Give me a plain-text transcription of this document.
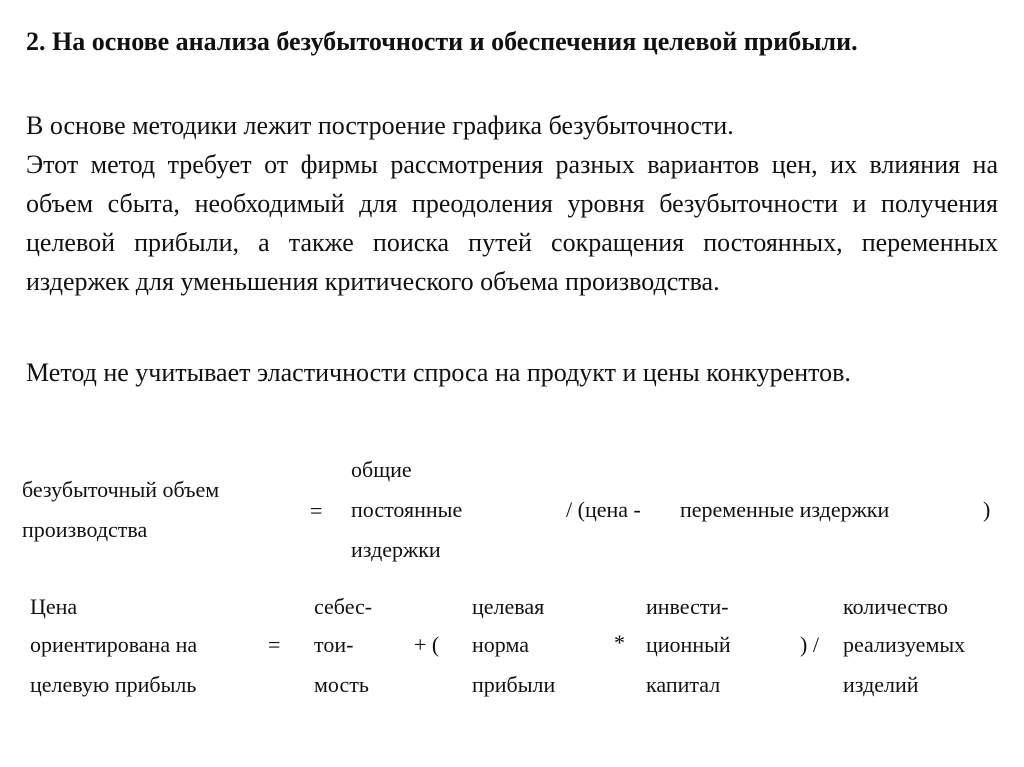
2. На основе анализа безубыточности и обеспечения целевой прибыли.

В основе методики лежит построение графика безубыточности.

Этот метод требует от фирмы рассмотрения разных вариантов цен, их влияния на объем сбыта, необходимый для преодоления уровня безубыточности и получения целевой прибыли, а также поиска путей сокращения постоянных, переменных издержек для уменьшения критического объема производства.

Метод не учитывает эластичности спроса на продукт и цены конкурентов.

безубыточный объем
производства
=
общие
постоянные
издержки
/ (цена - переменные издержки	)
Цена
ориентирована на
целевую прибыль
=
себес-
тои-
мость
+ (
целевая
норма
прибыли
*
инвести-
ционный
капитал
) /
количество
реализуемых
изделий
